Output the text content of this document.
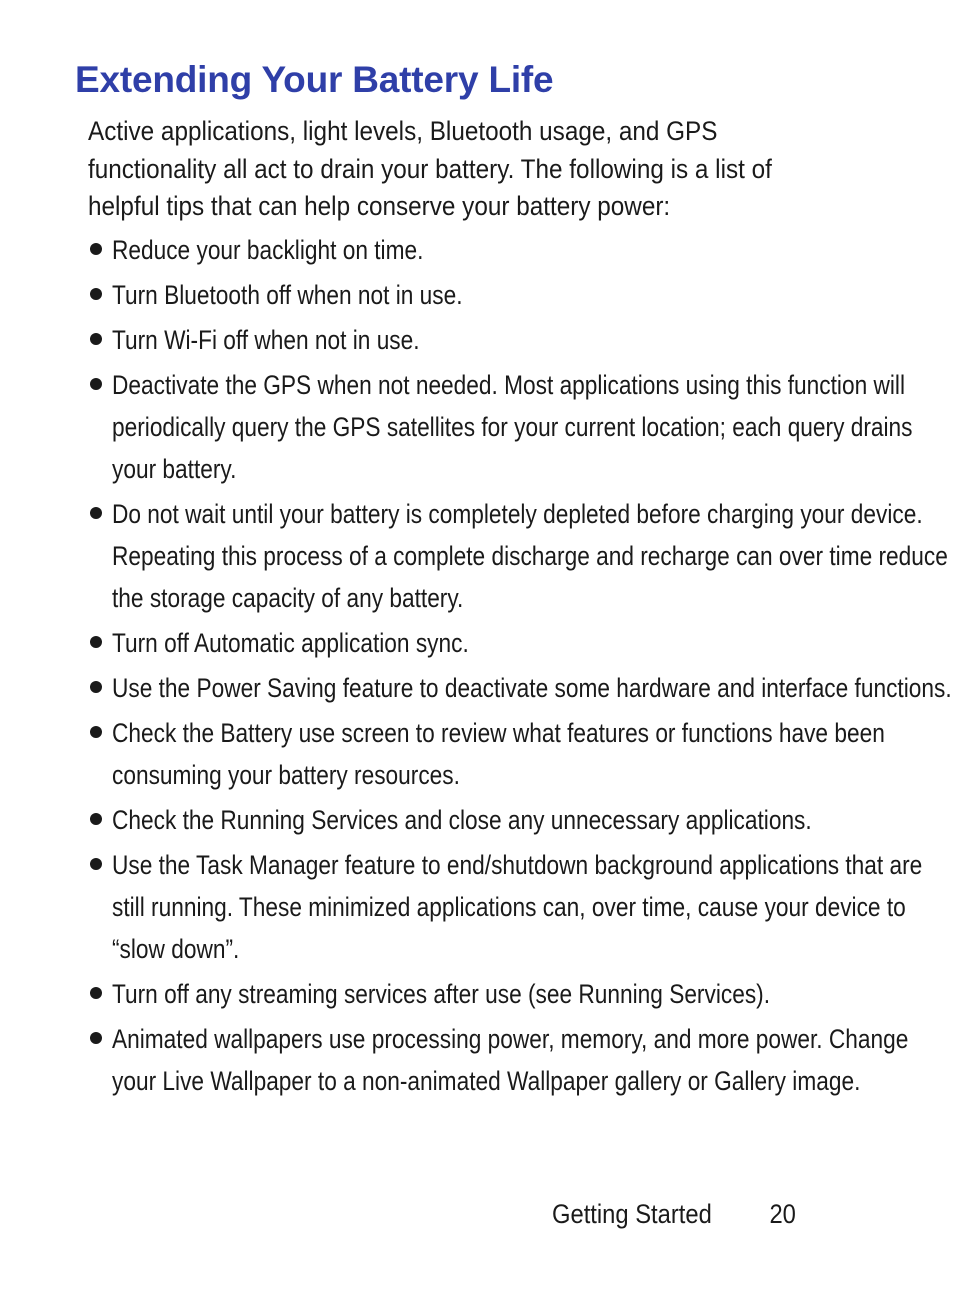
Extending Your Battery Life

Active applications, light levels, Bluetooth usage, and GPS functionality all act to drain your battery. The following is a list of helpful tips that can help conserve your battery power:

Reduce your backlight on time.
Turn Bluetooth off when not in use.
Turn Wi-Fi off when not in use.
Deactivate the GPS when not needed. Most applications using this function will periodically query the GPS satellites for your current location; each query drains your battery.
Do not wait until your battery is completely depleted before charging your device. Repeating this process of a complete discharge and recharge can over time reduce the storage capacity of any battery.
Turn off Automatic application sync.
Use the Power Saving feature to deactivate some hardware and interface functions.
Check the Battery use screen to review what features or functions have been consuming your battery resources.
Check the Running Services and close any unnecessary applications.
Use the Task Manager feature to end/shutdown background applications that are still running. These minimized applications can, over time, cause your device to “slow down”.
Turn off any streaming services after use (see Running Services).
Animated wallpapers use processing power, memory, and more power. Change your Live Wallpaper to a non-animated Wallpaper gallery or Gallery image.
Getting Started 20
